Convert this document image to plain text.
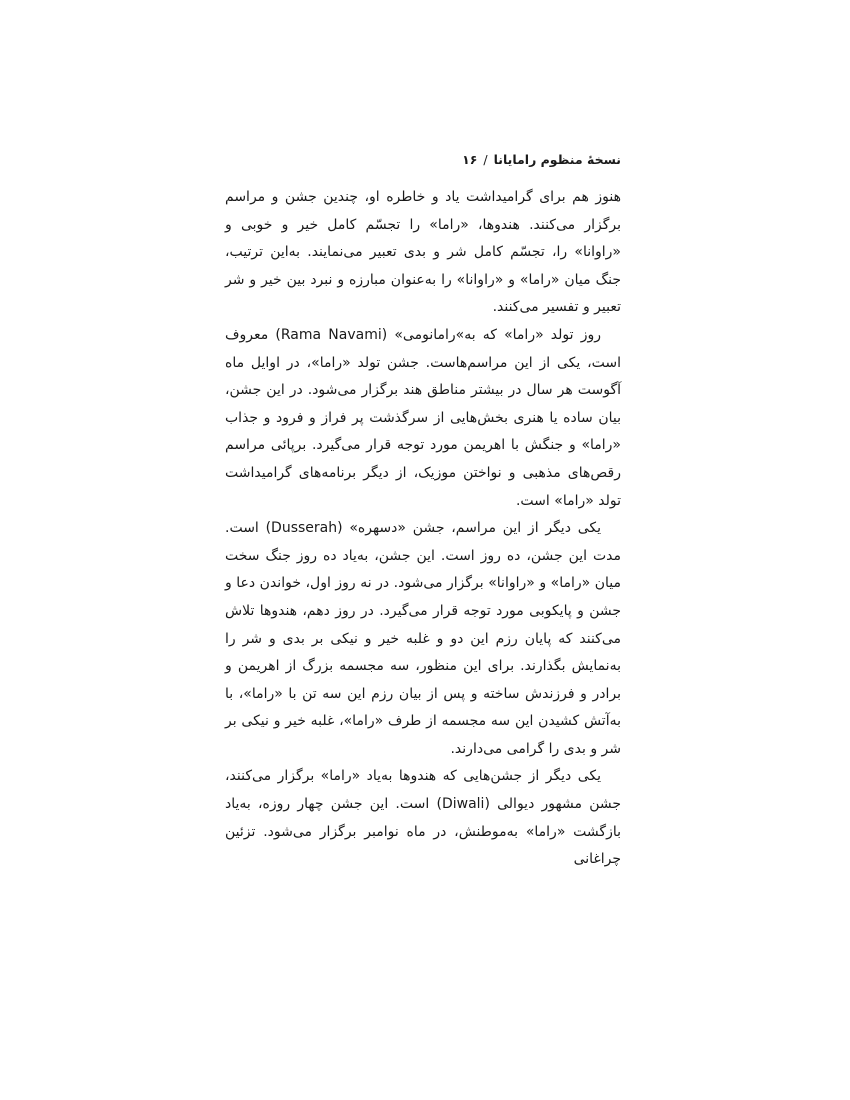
نسخهٔ منظوم رامایانا/۱۶

هنوز هم برای گرامیداشت یاد و خاطره او، چندین جشن و مراسم برگزار می‌کنند. هندوها، «راما» را تجسّم کامل خیر و خوبی و «راوانا» را، تجسّم کامل شر و بدی تعبیر می‌نمایند. به‌این ترتیب، جنگ میان «راما» و «راوانا» را به‌عنوان مبارزه و نبرد بین خیر و شر تعبیر و تفسیر می‌کنند.

روز تولد «راما» که به»رامانومی» (Rama Navami) معروف است، یکی از این مراسم‌هاست. جشن تولد «راما»، در اوایل ماه آگوست هر سال در بیشتر مناطق هند برگزار می‌شود. در این جشن، بیان ساده یا هنری بخش‌هایی از سرگذشت پر فراز و فرود و جذاب «راما» و جنگش با اهریمن مورد توجه قرار می‌گیرد. برپائی مراسم رقص‌های مذهبی و نواختن موزیک، از دیگر برنامه‌های گرامیداشت تولد «راما» است.

یکی دیگر از این مراسم، جشن «دسهره» (Dusserah) است. مدت این جشن، ده روز است. این جشن، به‌یاد ده روز جنگ سخت میان «راما» و «راوانا» برگزار می‌شود. در نه روز اول، خواندن دعا و جشن و پایکوبی مورد توجه قرار می‌گیرد. در روز دهم، هندوها تلاش می‌کنند که پایان رزم این دو و غلبه خیر و نیکی بر بدی و شر را به‌نمایش بگذارند. برای این منظور، سه مجسمه بزرگ از اهریمن و برادر و فرزندش ساخته و پس از بیان رزم این سه تن با «راما»، با به‌آتش کشیدن این سه مجسمه از طرف «راما»، غلبه خیر و نیکی بر شر و بدی را گرامی می‌دارند.

یکی دیگر از جشن‌هایی که هندوها به‌یاد «راما» برگزار می‌کنند، جشن مشهور دیوالی (Diwali) است. این جشن چهار روزه، به‌یاد بازگشت «راما» به‌موطنش، در ماه نوامبر برگزار می‌شود. تزئین چراغانی
